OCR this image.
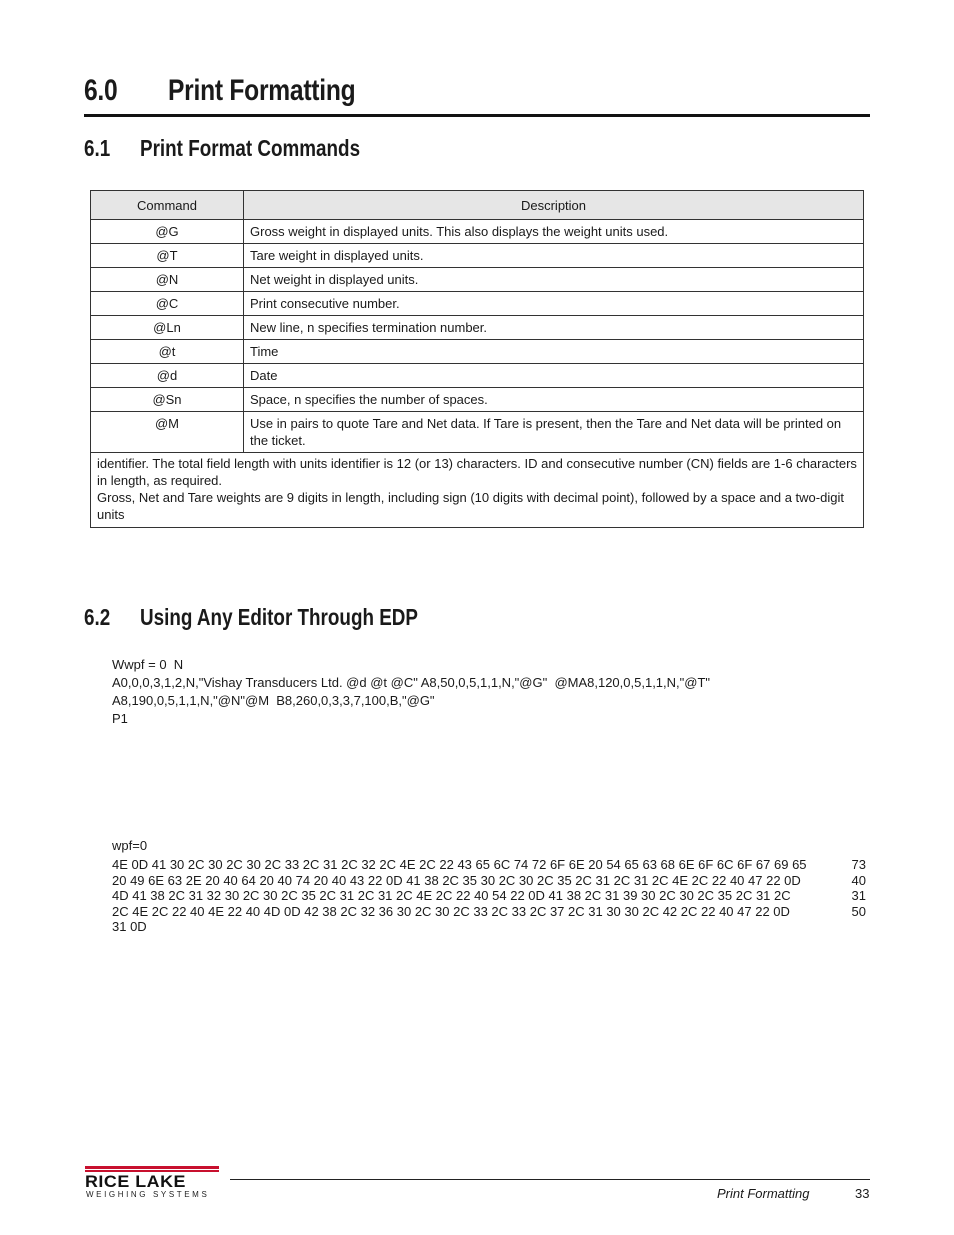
6.0 Print Formatting
6.1 Print Format Commands
Command	Description
@G	Gross weight in displayed units. This also displays the weight units used.
@T	Tare weight in displayed units.
@N	Net weight in displayed units.
@C	Print consecutive number.
@Ln	New line, n specifies termination number.
@t	Time
@d	Date
@Sn	Space, n specifies the number of spaces.
@M	Use in pairs to quote Tare and Net data. If Tare is present, then the Tare and Net data will be printed on the ticket.

identifier. The total field length with units identifier is 12 (or 13) characters. ID and consecutive number (CN) fields are 1-6 characters in length, as required.
Gross, Net and Tare weights are 9 digits in length, including sign (10 digits with decimal point), followed by a space and a two-digit units	
6.2 Using Any Editor Through EDP
Wwpf = 0  N
A0,0,0,3,1,2,N,"Vishay Transducers Ltd. @d @t @C" A8,50,0,5,1,1,N,"@G"  @MA8,120,0,5,1,1,N,"@T"
A8,190,0,5,1,1,N,"@N"@M  B8,260,0,3,3,7,100,B,"@G"
P1
wpf=0
4E 0D 41 30 2C 30 2C 30 2C 33 2C 31 2C 32 2C 4E 2C 22 43 65 6C 74 72 6F 6E 20 54 65 63 68 6E 6F 6C 6F 67 69 65	73
20 49 6E 63 2E 20 40 64 20 40 74 20 40 43 22 0D 41 38 2C 35 30 2C 30 2C 35 2C 31 2C 31 2C 4E 2C 22 40 47 22 0D	40
4D 41 38 2C 31 32 30 2C 30 2C 35 2C 31 2C 31 2C 4E 2C 22 40 54 22 0D 41 38 2C 31 39 30 2C 30 2C 35 2C 31 2C	31
2C 4E 2C 22 40 4E 22 40 4D 0D 42 38 2C 32 36 30 2C 30 2C 33 2C 33 2C 37 2C 31 30 30 2C 42 2C 22 40 47 22 0D	50
31 0D
RICE LAKE
WEIGHING SYSTEMS	Print Formatting	33
